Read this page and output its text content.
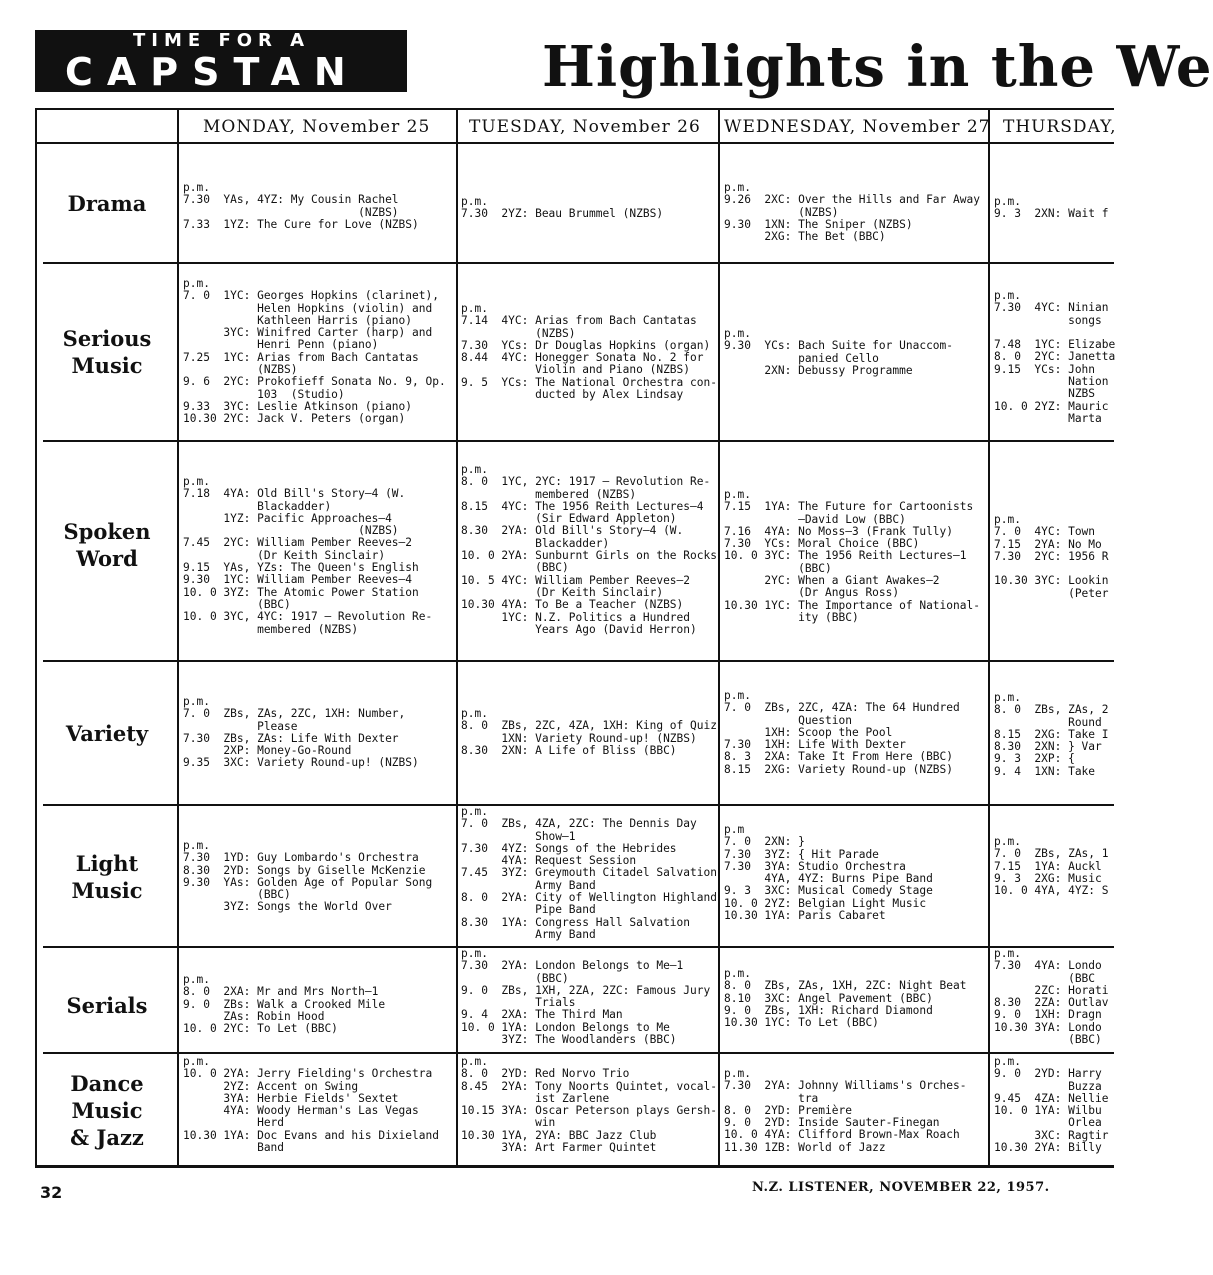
TIME FOR A
CAPSTAN	Highlights in the We
MONDAY, November 25 TUESDAY, November 26 WEDNESDAY, November 27 THURSDAY,
Drama
Serious
Music
Spoken
Word
Variety
Light
Music
Serials
Dance
Music
& Jazz
p.m.
7.30  YAs, 4YZ: My Cousin Rachel
(NZBS)
7.33  1YZ: The Cure for Love (NZBS)
p.m.
7.30  2YZ: Beau Brummel (NZBS)
p.m.
9.26  2XC: Over the Hills and Far Away
(NZBS)
9.30  1XN: The Sniper (NZBS)
2XG: The Bet (BBC)
p.m.
9. 3  2XN: Wait f
p.m.
7. 0  1YC: Georges Hopkins (clarinet),
Helen Hopkins (violin) and
Kathleen Harris (piano)
3YC: Winifred Carter (harp) and
Henri Penn (piano)
7.25  1YC: Arias from Bach Cantatas
(NZBS)
9. 6  2YC: Prokofieff Sonata No. 9, Op.
103  (Studio)
9.33  3YC: Leslie Atkinson (piano)
10.30 2YC: Jack V. Peters (organ)
p.m.
7.14  4YC: Arias from Bach Cantatas
(NZBS)
7.30  YCs: Dr Douglas Hopkins (organ)
8.44  4YC: Honegger Sonata No. 2 for
Violin and Piano (NZBS)
9. 5  YCs: The National Orchestra con-
ducted by Alex Lindsay
p.m.
9.30  YCs: Bach Suite for Unaccom-
panied Cello
2XN: Debussy Programme
p.m.
7.30  4YC: Ninian
songs

7.48  1YC: Elizabe
8. 0  2YC: Janetta
9.15  YCs: John
Nation
NZBS
10. 0 2YZ: Mauric
Marta
p.m.
7.18  4YA: Old Bill's Story—4 (W.
Blackadder)
1YZ: Pacific Approaches—4
(NZBS)
7.45  2YC: William Pember Reeves—2
(Dr Keith Sinclair)
9.15  YAs, YZs: The Queen's English
9.30  1YC: William Pember Reeves—4
10. 0 3YZ: The Atomic Power Station
(BBC)
10. 0 3YC, 4YC: 1917 — Revolution Re-
membered (NZBS)
p.m.
8. 0  1YC, 2YC: 1917 — Revolution Re-
membered (NZBS)
8.15  4YC: The 1956 Reith Lectures—4
(Sir Edward Appleton)
8.30  2YA: Old Bill's Story—4 (W.
Blackadder)
10. 0 2YA: Sunburnt Girls on the Rocks
(BBC)
10. 5 4YC: William Pember Reeves—2
(Dr Keith Sinclair)
10.30 4YA: To Be a Teacher (NZBS)
1YC: N.Z. Politics a Hundred
Years Ago (David Herron)
p.m.
7.15  1YA: The Future for Cartoonists
—David Low (BBC)
7.16  4YA: No Moss—3 (Frank Tully)
7.30  YCs: Moral Choice (BBC)
10. 0 3YC: The 1956 Reith Lectures—1
(BBC)
2YC: When a Giant Awakes—2
(Dr Angus Ross)
10.30 1YC: The Importance of National-
ity (BBC)
p.m.
7. 0  4YC: Town
7.15  2YA: No Mo
7.30  2YC: 1956 R

10.30 3YC: Lookin
(Peter
p.m.
7. 0  ZBs, ZAs, 2ZC, 1XH: Number,
Please
7.30  ZBs, ZAs: Life With Dexter
2XP: Money-Go-Round
9.35  3XC: Variety Round-up! (NZBS)
p.m.
8. 0  ZBs, 2ZC, 4ZA, 1XH: King of Quiz
1XN: Variety Round-up! (NZBS)
8.30  2XN: A Life of Bliss (BBC)
p.m.
7. 0  ZBs, 2ZC, 4ZA: The 64 Hundred
Question
1XH: Scoop the Pool
7.30  1XH: Life With Dexter
8. 3  2XA: Take It From Here (BBC)
8.15  2XG: Variety Round-up (NZBS)
p.m.
8. 0  ZBs, ZAs, 2
Round
8.15  2XG: Take I
8.30  2XN: } Var
9. 3  2XP: {
9. 4  1XN: Take
p.m.
7.30  1YD: Guy Lombardo's Orchestra
8.30  2YD: Songs by Giselle McKenzie
9.30  YAs: Golden Age of Popular Song
(BBC)
3YZ: Songs the World Over
p.m.
7. 0  ZBs, 4ZA, 2ZC: The Dennis Day
Show—1
7.30  4YZ: Songs of the Hebrides
4YA: Request Session
7.45  3YZ: Greymouth Citadel Salvation
Army Band
8. 0  2YA: City of Wellington Highland
Pipe Band
8.30  1YA: Congress Hall Salvation
Army Band
p.m
7. 0  2XN: }
7.30  3YZ: { Hit Parade
7.30  3YA: Studio Orchestra
4YA, 4YZ: Burns Pipe Band
9. 3  3XC: Musical Comedy Stage
10. 0 2YZ: Belgian Light Music
10.30 1YA: Paris Cabaret
p.m.
7. 0  ZBs, ZAs, 1
7.15  1YA: Auckl
9. 3  2XG: Music
10. 0 4YA, 4YZ: S
p.m.
8. 0  2XA: Mr and Mrs North—1
9. 0  ZBs: Walk a Crooked Mile
ZAs: Robin Hood
10. 0 2YC: To Let (BBC)
p.m.
7.30  2YA: London Belongs to Me—1
(BBC)
9. 0  ZBs, 1XH, 2ZA, 2ZC: Famous Jury
Trials
9. 4  2XA: The Third Man
10. 0 1YA: London Belongs to Me
3YZ: The Woodlanders (BBC)
p.m.
8. 0  ZBs, ZAs, 1XH, 2ZC: Night Beat
8.10  3XC: Angel Pavement (BBC)
9. 0  ZBs, 1XH: Richard Diamond
10.30 1YC: To Let (BBC)
p.m.
7.30  4YA: Londo
(BBC
2ZC: Horati
8.30  2ZA: Outlav
9. 0  1XH: Dragn
10.30 3YA: Londo
(BBC)
p.m.
10. 0 2YA: Jerry Fielding's Orchestra
2YZ: Accent on Swing
3YA: Herbie Fields' Sextet
4YA: Woody Herman's Las Vegas
Herd
10.30 1YA: Doc Evans and his Dixieland
Band
p.m.
8. 0  2YD: Red Norvo Trio
8.45  2YA: Tony Noorts Quintet, vocal-
ist Zarlene
10.15 3YA: Oscar Peterson plays Gersh-
win
10.30 1YA, 2YA: BBC Jazz Club
3YA: Art Farmer Quintet
p.m.
7.30  2YA: Johnny Williams's Orches-
tra
8. 0  2YD: Première
9. 0  2YD: Inside Sauter-Finegan
10. 0 4YA: Clifford Brown-Max Roach
11.30 1ZB: World of Jazz
p.m.
9. 0  2YD: Harry
Buzza
9.45  4ZA: Nellie
10. 0 1YA: Wilbu
Orlea
3XC: Ragtir
10.30 2YA: Billy
32	N.Z. LISTENER, NOVEMBER 22, 1957.
